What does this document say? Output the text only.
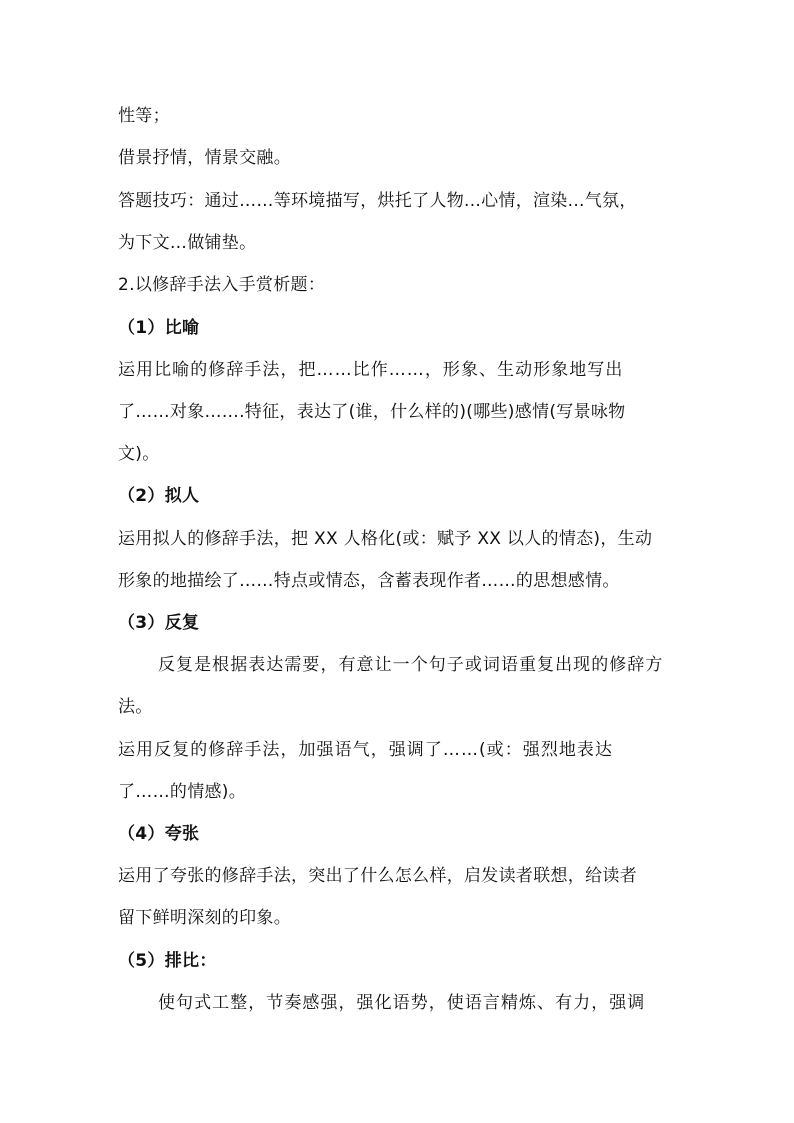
性等；
借景抒情，情景交融。
答题技巧：通过……等环境描写，烘托了人物...心情，渲染...气氛，
为下文…做铺垫。
2.以修辞手法入手赏析题：
（1）比喻
运用比喻的修辞手法，把……比作……，形象、生动形象地写出
了……对象…….特征，表达了(谁，什么样的)(哪些)感情(写景咏物
文)。
（2）拟人
运用拟人的修辞手法，把 XX 人格化(或：赋予 XX 以人的情态)，生动
形象的地描绘了……特点或情态，含蓄表现作者……的思想感情。
（3）反复
反复是根据表达需要，有意让一个句子或词语重复出现的修辞方
法。
运用反复的修辞手法，加强语气，强调了……(或：强烈地表达
了……的情感)。
（4）夸张
运用了夸张的修辞手法，突出了什么怎么样，启发读者联想，给读者
留下鲜明深刻的印象。
（5）排比：
使句式工整，节奏感强，强化语势，使语言精炼、有力，强调
